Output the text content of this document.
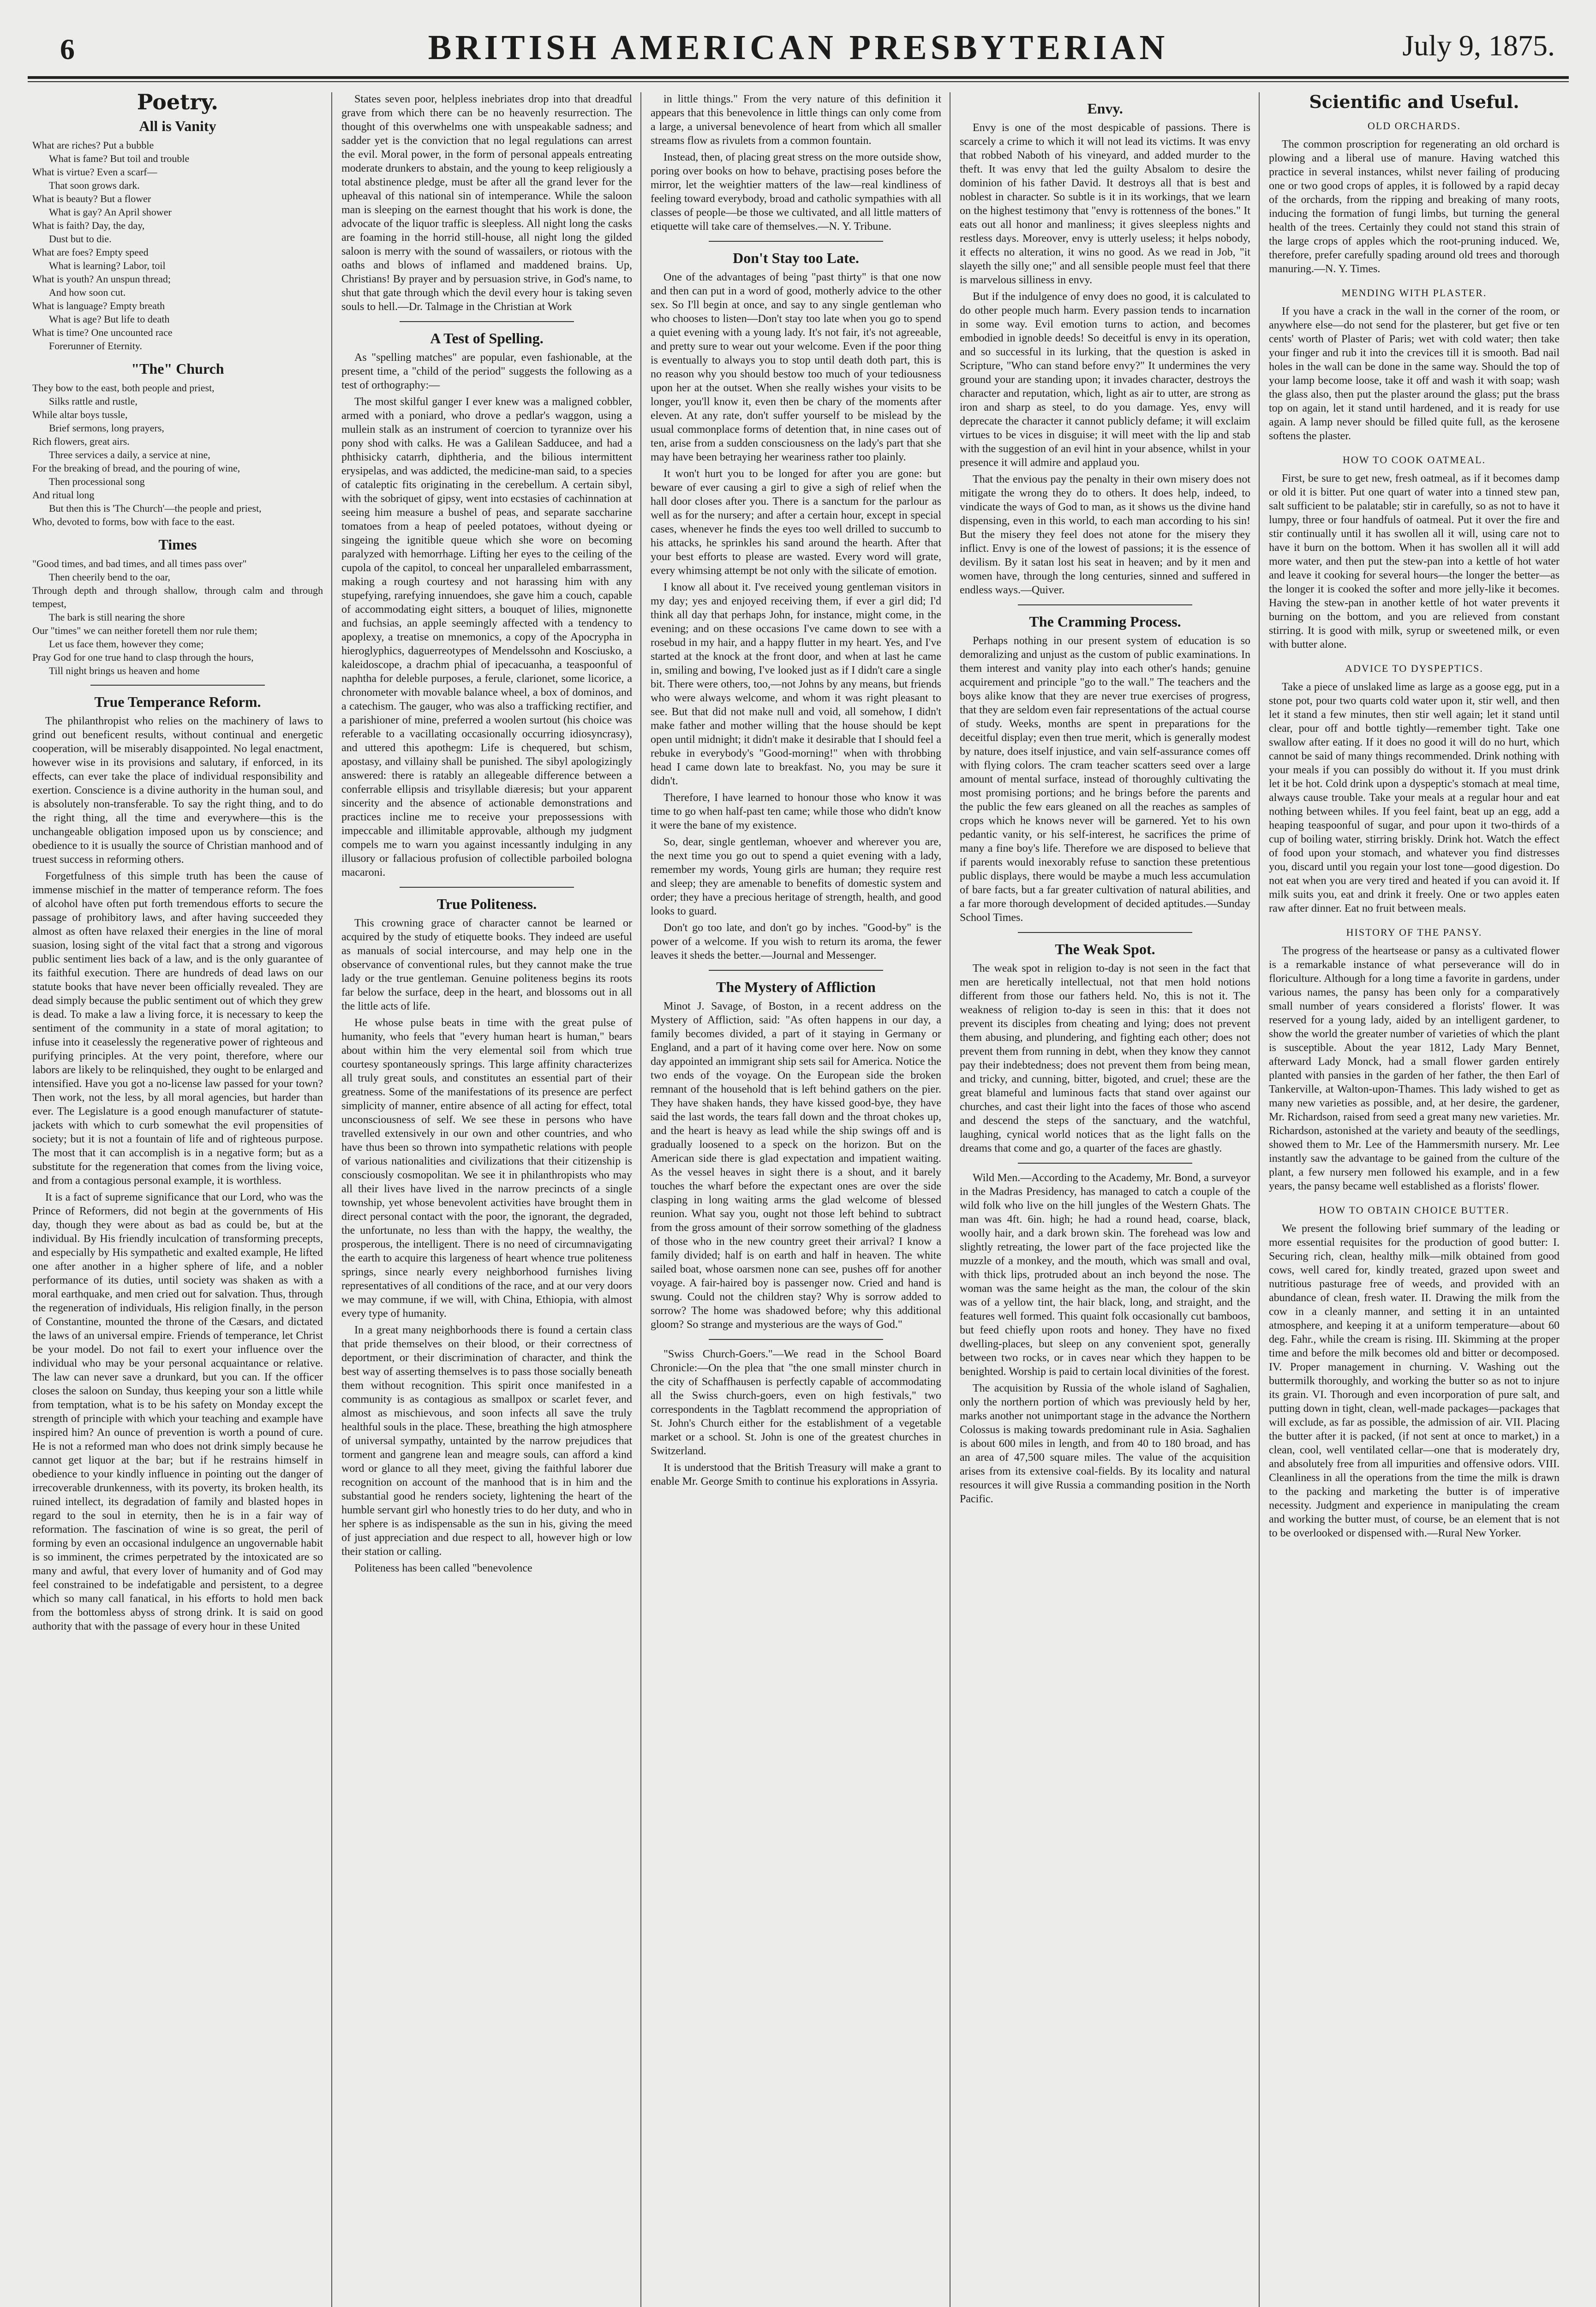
6	BRITISH AMERICAN PRESBYTERIAN	July 9, 1875.
Poetry.
All is Vanity
What are riches? Put a bubble
What is fame? But toil and trouble
What is virtue? Even a scarf—
That soon grows dark.
What is beauty? But a flower
What is gay? An April shower
What is faith? Day, the day,
Dust but to die.
What are foes? Empty speed
What is learning? Labor, toil
What is youth? An unspun thread;
And how soon cut.
What is language? Empty breath
What is age? But life to death
What is time? One uncounted race
Forerunner of Eternity.
"The" Church
They bow to the east, both people and priest,
Silks rattle and rustle,
While altar boys tussle,
Brief sermons, long prayers,
Rich flowers, great airs.
Three services a daily, a service at nine,
For the breaking of bread, and the pouring of wine,
Then processional song
And ritual long
But then this is 'The Church'—the people and priest,
Who, devoted to forms, bow with face to the east.
Times
"Good times, and bad times, and all times pass over"
Then cheerily bend to the oar,
Through depth and through shallow, through calm and through tempest,
The bark is still nearing the shore
Our "times" we can neither foretell them nor rule them;
Let us face them, however they come;
Pray God for one true hand to clasp through the hours,
Till night brings us heaven and home
True Temperance Reform.

The philanthropist who relies on the machinery of laws to grind out beneficent results, without continual and energetic cooperation, will be miserably disappointed. No legal enactment, however wise in its provisions and salutary, if enforced, in its effects, can ever take the place of individual responsibility and exertion. Conscience is a divine authority in the human soul, and is absolutely non-transferable. To say the right thing, and to do the right thing, all the time and everywhere—this is the unchangeable obligation imposed upon us by conscience; and obedience to it is usually the source of Christian manhood and of truest success in reforming others.

Forgetfulness of this simple truth has been the cause of immense mischief in the matter of temperance reform. The foes of alcohol have often put forth tremendous efforts to secure the passage of prohibitory laws, and after having succeeded they almost as often have relaxed their energies in the line of moral suasion, losing sight of the vital fact that a strong and vigorous public sentiment lies back of a law, and is the only guarantee of its faithful execution. There are hundreds of dead laws on our statute books that have never been officially revealed. They are dead simply because the public sentiment out of which they grew is dead. To make a law a living force, it is necessary to keep the sentiment of the community in a state of moral agitation; to infuse into it ceaselessly the regenerative power of righteous and purifying principles. At the very point, therefore, where our labors are likely to be relinquished, they ought to be enlarged and intensified. Have you got a no-license law passed for your town? Then work, not the less, by all moral agencies, but harder than ever. The Legislature is a good enough manufacturer of statute-jackets with which to curb somewhat the evil propensities of society; but it is not a fountain of life and of righteous purpose. The most that it can accomplish is in a negative form; but as a substitute for the regeneration that comes from the living voice, and from a contagious personal example, it is worthless.

It is a fact of supreme significance that our Lord, who was the Prince of Reformers, did not begin at the governments of His day, though they were about as bad as could be, but at the individual. By His friendly inculcation of transforming precepts, and especially by His sympathetic and exalted example, He lifted one after another in a higher sphere of life, and a nobler performance of its duties, until society was shaken as with a moral earthquake, and men cried out for salvation. Thus, through the regeneration of individuals, His religion finally, in the person of Constantine, mounted the throne of the Cæsars, and dictated the laws of an universal empire. Friends of temperance, let Christ be your model. Do not fail to exert your influence over the individual who may be your personal acquaintance or relative. The law can never save a drunkard, but you can. If the officer closes the saloon on Sunday, thus keeping your son a little while from temptation, what is to be his safety on Monday except the strength of principle with which your teaching and example have inspired him? An ounce of prevention is worth a pound of cure. He is not a reformed man who does not drink simply because he cannot get liquor at the bar; but if he restrains himself in obedience to your kindly influence in pointing out the danger of irrecoverable drunkenness, with its poverty, its broken health, its ruined intellect, its degradation of family and blasted hopes in regard to the soul in eternity, then he is in a fair way of reformation. The fascination of wine is so great, the peril of forming by even an occasional indulgence an ungovernable habit is so imminent, the crimes perpetrated by the intoxicated are so many and awful, that every lover of humanity and of God may feel constrained to be indefatigable and persistent, to a degree which so many call fanatical, in his efforts to hold men back from the bottomless abyss of strong drink. It is said on good authority that with the passage of every hour in these United

States seven poor, helpless inebriates drop into that dreadful grave from which there can be no heavenly resurrection. The thought of this overwhelms one with unspeakable sadness; and sadder yet is the conviction that no legal regulations can arrest the evil. Moral power, in the form of personal appeals entreating moderate drunkers to abstain, and the young to keep religiously a total abstinence pledge, must be after all the grand lever for the upheaval of this national sin of intemperance. While the saloon man is sleeping on the earnest thought that his work is done, the advocate of the liquor traffic is sleepless. All night long the casks are foaming in the horrid still-house, all night long the gilded saloon is merry with the sound of wassailers, or riotous with the oaths and blows of inflamed and maddened brains. Up, Christians! By prayer and by persuasion strive, in God's name, to shut that gate through which the devil every hour is taking seven souls to hell.—Dr. Talmage in the Christian at Work

A Test of Spelling.

As "spelling matches" are popular, even fashionable, at the present time, a "child of the period" suggests the following as a test of orthography:—

The most skilful ganger I ever knew was a maligned cobbler, armed with a poniard, who drove a pedlar's waggon, using a mullein stalk as an instrument of coercion to tyrannize over his pony shod with calks. He was a Galilean Sadducee, and had a phthisicky catarrh, diphtheria, and the bilious intermittent erysipelas, and was addicted, the medicine-man said, to a species of cataleptic fits originating in the cerebellum. A certain sibyl, with the sobriquet of gipsy, went into ecstasies of cachinnation at seeing him measure a bushel of peas, and separate saccharine tomatoes from a heap of peeled potatoes, without dyeing or singeing the ignitible queue which she wore on becoming paralyzed with hemorrhage. Lifting her eyes to the ceiling of the cupola of the capitol, to conceal her unparalleled embarrassment, making a rough courtesy and not harassing him with any stupefying, rarefying innuendoes, she gave him a couch, capable of accommodating eight sitters, a bouquet of lilies, mignonette and fuchsias, an apple seemingly affected with a tendency to apoplexy, a treatise on mnemonics, a copy of the Apocrypha in hieroglyphics, daguerreotypes of Mendelssohn and Kosciusko, a kaleidoscope, a drachm phial of ipecacuanha, a teaspoonful of naphtha for deleble purposes, a ferule, clarionet, some licorice, a chronometer with movable balance wheel, a box of dominos, and a catechism. The gauger, who was also a trafficking rectifier, and a parishioner of mine, preferred a woolen surtout (his choice was referable to a vacillating occasionally occurring idiosyncrasy), and uttered this apothegm: Life is chequered, but schism, apostasy, and villainy shall be punished. The sibyl apologizingly answered: there is ratably an allegeable difference between a conferrable ellipsis and trisyllable diæresis; but your apparent sincerity and the absence of actionable demonstrations and practices incline me to receive your prepossessions with impeccable and illimitable approvable, although my judgment compels me to warn you against incessantly indulging in any illusory or fallacious profusion of collectible parboiled bologna macaroni.

True Politeness.

This crowning grace of character cannot be learned or acquired by the study of etiquette books. They indeed are useful as manuals of social intercourse, and may help one in the observance of conventional rules, but they cannot make the true lady or the true gentleman. Genuine politeness begins its roots far below the surface, deep in the heart, and blossoms out in all the little acts of life.

He whose pulse beats in time with the great pulse of humanity, who feels that "every human heart is human," bears about within him the very elemental soil from which true courtesy spontaneously springs. This large affinity characterizes all truly great souls, and constitutes an essential part of their greatness. Some of the manifestations of its presence are perfect simplicity of manner, entire absence of all acting for effect, total unconsciousness of self. We see these in persons who have travelled extensively in our own and other countries, and who have thus been so thrown into sympathetic relations with people of various nationalities and civilizations that their citizenship is consciously cosmopolitan. We see it in philanthropists who may all their lives have lived in the narrow precincts of a single township, yet whose benevolent activities have brought them in direct personal contact with the poor, the ignorant, the degraded, the unfortunate, no less than with the happy, the wealthy, the prosperous, the intelligent. There is no need of circumnavigating the earth to acquire this largeness of heart whence true politeness springs, since nearly every neighborhood furnishes living representatives of all conditions of the race, and at our very doors we may commune, if we will, with China, Ethiopia, with almost every type of humanity.

In a great many neighborhoods there is found a certain class that pride themselves on their blood, or their correctness of deportment, or their discrimination of character, and think the best way of asserting themselves is to pass those socially beneath them without recognition. This spirit once manifested in a community is as contagious as smallpox or scarlet fever, and almost as mischievous, and soon infects all save the truly healthful souls in the place. These, breathing the high atmosphere of universal sympathy, untainted by the narrow prejudices that torment and gangrene lean and meagre souls, can afford a kind word or glance to all they meet, giving the faithful laborer due recognition on account of the manhood that is in him and the substantial good he renders society, lightening the heart of the humble servant girl who honestly tries to do her duty, and who in her sphere is as indispensable as the sun in his, giving the meed of just appreciation and due respect to all, however high or low their station or calling.

Politeness has been called "benevolence

in little things." From the very nature of this definition it appears that this benevolence in little things can only come from a large, a universal benevolence of heart from which all smaller streams flow as rivulets from a common fountain.

Instead, then, of placing great stress on the more outside show, poring over books on how to behave, practising poses before the mirror, let the weightier matters of the law—real kindliness of feeling toward everybody, broad and catholic sympathies with all classes of people—be those we cultivated, and all little matters of etiquette will take care of themselves.—N. Y. Tribune.

Don't Stay too Late.

One of the advantages of being "past thirty" is that one now and then can put in a word of good, motherly advice to the other sex. So I'll begin at once, and say to any single gentleman who who chooses to listen—Don't stay too late when you go to spend a quiet evening with a young lady. It's not fair, it's not agreeable, and pretty sure to wear out your welcome. Even if the poor thing is eventually to always you to stop until death doth part, this is no reason why you should bestow too much of your tediousness upon her at the outset. When she really wishes your visits to be longer, you'll know it, even then be chary of the moments after eleven. At any rate, don't suffer yourself to be mislead by the usual commonplace forms of detention that, in nine cases out of ten, arise from a sudden consciousness on the lady's part that she may have been betraying her weariness rather too plainly.

It won't hurt you to be longed for after you are gone: but beware of ever causing a girl to give a sigh of relief when the hall door closes after you. There is a sanctum for the parlour as well as for the nursery; and after a certain hour, except in special cases, whenever he finds the eyes too well drilled to succumb to his attacks, he sprinkles his sand around the hearth. After that your best efforts to please are wasted. Every word will grate, every whimsing attempt be not only with the silicate of emotion.

I know all about it. I've received young gentleman visitors in my day; yes and enjoyed receiving them, if ever a girl did; I'd think all day that perhaps John, for instance, might come, in the evening; and on these occasions I've came down to see with a rosebud in my hair, and a happy flutter in my heart. Yes, and I've started at the knock at the front door, and when at last he came in, smiling and bowing, I've looked just as if I didn't care a single bit. There were others, too,—not Johns by any means, but friends who were always welcome, and whom it was right pleasant to see. But that did not make null and void, all somehow, I didn't make father and mother willing that the house should be kept open until midnight; it didn't make it desirable that I should feel a rebuke in everybody's "Good-morning!" when with throbbing head I came down late to breakfast. No, you may be sure it didn't.

Therefore, I have learned to honour those who know it was time to go when half-past ten came; while those who didn't know it were the bane of my existence.

So, dear, single gentleman, whoever and wherever you are, the next time you go out to spend a quiet evening with a lady, remember my words, Young girls are human; they require rest and sleep; they are amenable to benefits of domestic system and order; they have a precious heritage of strength, health, and good looks to guard.

Don't go too late, and don't go by inches. "Good-by" is the power of a welcome. If you wish to return its aroma, the fewer leaves it sheds the better.—Journal and Messenger.

The Mystery of Affliction

Minot J. Savage, of Boston, in a recent address on the Mystery of Affliction, said: "As often happens in our day, a family becomes divided, a part of it staying in Germany or England, and a part of it having come over here. Now on some day appointed an immigrant ship sets sail for America. Notice the two ends of the voyage. On the European side the broken remnant of the household that is left behind gathers on the pier. They have shaken hands, they have kissed good-bye, they have said the last words, the tears fall down and the throat chokes up, and the heart is heavy as lead while the ship swings off and is gradually loosened to a speck on the horizon. But on the American side there is glad expectation and impatient waiting. As the vessel heaves in sight there is a shout, and it barely touches the wharf before the expectant ones are over the side clasping in long waiting arms the glad welcome of blessed reunion. What say you, ought not those left behind to subtract from the gross amount of their sorrow something of the gladness of those who in the new country greet their arrival? I know a family divided; half is on earth and half in heaven. The white sailed boat, whose oarsmen none can see, pushes off for another voyage. A fair-haired boy is passenger now. Cried and hand is swung. Could not the children stay? Why is sorrow added to sorrow? The home was shadowed before; why this additional gloom? So strange and mysterious are the ways of God."

"Swiss Church-Goers."—We read in the School Board Chronicle:—On the plea that "the one small minster church in the city of Schaffhausen is perfectly capable of accommodating all the Swiss church-goers, even on high festivals," two correspondents in the Tagblatt recommend the appropriation of St. John's Church either for the establishment of a vegetable market or a school. St. John is one of the greatest churches in Switzerland.

It is understood that the British Treasury will make a grant to enable Mr. George Smith to continue his explorations in Assyria.

Envy.

Envy is one of the most despicable of passions. There is scarcely a crime to which it will not lead its victims. It was envy that robbed Naboth of his vineyard, and added murder to the theft. It was envy that led the guilty Absalom to desire the dominion of his father David. It destroys all that is best and noblest in character. So subtle is it in its workings, that we learn on the highest testimony that "envy is rottenness of the bones." It eats out all honor and manliness; it gives sleepless nights and restless days. Moreover, envy is utterly useless; it helps nobody, it effects no alteration, it wins no good. As we read in Job, "it slayeth the silly one;" and all sensible people must feel that there is marvelous silliness in envy.

But if the indulgence of envy does no good, it is calculated to do other people much harm. Every passion tends to incarnation in some way. Evil emotion turns to action, and becomes embodied in ignoble deeds! So deceitful is envy in its operation, and so successful in its lurking, that the question is asked in Scripture, "Who can stand before envy?" It undermines the very ground your are standing upon; it invades character, destroys the character and reputation, which, light as air to utter, are strong as iron and sharp as steel, to do you damage. Yes, envy will deprecate the character it cannot publicly defame; it will exclaim virtues to be vices in disguise; it will meet with the lip and stab with the suggestion of an evil hint in your absence, whilst in your presence it will admire and applaud you.

That the envious pay the penalty in their own misery does not mitigate the wrong they do to others. It does help, indeed, to vindicate the ways of God to man, as it shows us the divine hand dispensing, even in this world, to each man according to his sin! But the misery they feel does not atone for the misery they inflict. Envy is one of the lowest of passions; it is the essence of devilism. By it satan lost his seat in heaven; and by it men and women have, through the long centuries, sinned and suffered in endless ways.—Quiver.

The Cramming Process.

Perhaps nothing in our present system of education is so demoralizing and unjust as the custom of public examinations. In them interest and vanity play into each other's hands; genuine acquirement and principle "go to the wall." The teachers and the boys alike know that they are never true exercises of progress, that they are seldom even fair representations of the actual course of study. Weeks, months are spent in preparations for the deceitful display; even then true merit, which is generally modest by nature, does itself injustice, and vain self-assurance comes off with flying colors. The cram teacher scatters seed over a large amount of mental surface, instead of thoroughly cultivating the most promising portions; and he brings before the parents and the public the few ears gleaned on all the reaches as samples of crops which he knows never will be garnered. Yet to his own pedantic vanity, or his self-interest, he sacrifices the prime of many a fine boy's life. Therefore we are disposed to believe that if parents would inexorably refuse to sanction these pretentious public displays, there would be maybe a much less accumulation of bare facts, but a far greater cultivation of natural abilities, and a far more thorough development of decided aptitudes.—Sunday School Times.

The Weak Spot.

The weak spot in religion to-day is not seen in the fact that men are heretically intellectual, not that men hold notions different from those our fathers held. No, this is not it. The weakness of religion to-day is seen in this: that it does not prevent its disciples from cheating and lying; does not prevent them abusing, and plundering, and fighting each other; does not prevent them from running in debt, when they know they cannot pay their indebtedness; does not prevent them from being mean, and tricky, and cunning, bitter, bigoted, and cruel; these are the great blameful and luminous facts that stand over against our churches, and cast their light into the faces of those who ascend and descend the steps of the sanctuary, and the watchful, laughing, cynical world notices that as the light falls on the dreams that come and go, a quarter of the faces are ghastly.

Wild Men.—According to the Academy, Mr. Bond, a surveyor in the Madras Presidency, has managed to catch a couple of the wild folk who live on the hill jungles of the Western Ghats. The man was 4ft. 6in. high; he had a round head, coarse, black, woolly hair, and a dark brown skin. The forehead was low and slightly retreating, the lower part of the face projected like the muzzle of a monkey, and the mouth, which was small and oval, with thick lips, protruded about an inch beyond the nose. The woman was the same height as the man, the colour of the skin was of a yellow tint, the hair black, long, and straight, and the features well formed. This quaint folk occasionally cut bamboos, but feed chiefly upon roots and honey. They have no fixed dwelling-places, but sleep on any convenient spot, generally between two rocks, or in caves near which they happen to be benighted. Worship is paid to certain local divinities of the forest.

The acquisition by Russia of the whole island of Saghalien, only the northern portion of which was previously held by her, marks another not unimportant stage in the advance the Northern Colossus is making towards predominant rule in Asia. Saghalien is about 600 miles in length, and from 40 to 180 broad, and has an area of 47,500 square miles. The value of the acquisition arises from its extensive coal-fields. By its locality and natural resources it will give Russia a commanding position in the North Pacific.

Scientific and Useful.
OLD ORCHARDS.

The common proscription for regenerating an old orchard is plowing and a liberal use of manure. Having watched this practice in several instances, whilst never failing of producing one or two good crops of apples, it is followed by a rapid decay of the orchards, from the ripping and breaking of many roots, inducing the formation of fungi limbs, but turning the general health of the trees. Certainly they could not stand this strain of the large crops of apples which the root-pruning induced. We, therefore, prefer carefully spading around old trees and thorough manuring.—N. Y. Times.

MENDING WITH PLASTER.

If you have a crack in the wall in the corner of the room, or anywhere else—do not send for the plasterer, but get five or ten cents' worth of Plaster of Paris; wet with cold water; then take your finger and rub it into the crevices till it is smooth. Bad nail holes in the wall can be done in the same way. Should the top of your lamp become loose, take it off and wash it with soap; wash the glass also, then put the plaster around the glass; put the brass top on again, let it stand until hardened, and it is ready for use again. A lamp never should be filled quite full, as the kerosene softens the plaster.

HOW TO COOK OATMEAL.

First, be sure to get new, fresh oatmeal, as if it becomes damp or old it is bitter. Put one quart of water into a tinned stew pan, salt sufficient to be palatable; stir in carefully, so as not to have it lumpy, three or four handfuls of oatmeal. Put it over the fire and stir continually until it has swollen all it will, using care not to have it burn on the bottom. When it has swollen all it will add more water, and then put the stew-pan into a kettle of hot water and leave it cooking for several hours—the longer the better—as the longer it is cooked the softer and more jelly-like it becomes. Having the stew-pan in another kettle of hot water prevents it burning on the bottom, and you are relieved from constant stirring. It is good with milk, syrup or sweetened milk, or even with butter alone.

ADVICE TO DYSPEPTICS.

Take a piece of unslaked lime as large as a goose egg, put in a stone pot, pour two quarts cold water upon it, stir well, and then let it stand a few minutes, then stir well again; let it stand until clear, pour off and bottle tightly—remember tight. Take one swallow after eating. If it does no good it will do no hurt, which cannot be said of many things recommended. Drink nothing with your meals if you can possibly do without it. If you must drink let it be hot. Cold drink upon a dyspeptic's stomach at meal time, always cause trouble. Take your meals at a regular hour and eat nothing between whiles. If you feel faint, beat up an egg, add a heaping teaspoonful of sugar, and pour upon it two-thirds of a cup of boiling water, stirring briskly. Drink hot. Watch the effect of food upon your stomach, and whatever you find distresses you, discard until you regain your lost tone—good digestion. Do not eat when you are very tired and heated if you can avoid it. If milk suits you, eat and drink it freely. One or two apples eaten raw after dinner. Eat no fruit between meals.

HISTORY OF THE PANSY.

The progress of the heartsease or pansy as a cultivated flower is a remarkable instance of what perseverance will do in floriculture. Although for a long time a favorite in gardens, under various names, the pansy has been only for a comparatively small number of years considered a florists' flower. It was reserved for a young lady, aided by an intelligent gardener, to show the world the greater number of varieties of which the plant is susceptible. About the year 1812, Lady Mary Bennet, afterward Lady Monck, had a small flower garden entirely planted with pansies in the garden of her father, the then Earl of Tankerville, at Walton-upon-Thames. This lady wished to get as many new varieties as possible, and, at her desire, the gardener, Mr. Richardson, raised from seed a great many new varieties. Mr. Richardson, astonished at the variety and beauty of the seedlings, showed them to Mr. Lee of the Hammersmith nursery. Mr. Lee instantly saw the advantage to be gained from the culture of the plant, a few nursery men followed his example, and in a few years, the pansy became well established as a florists' flower.

HOW TO OBTAIN CHOICE BUTTER.

We present the following brief summary of the leading or more essential requisites for the production of good butter: I. Securing rich, clean, healthy milk—milk obtained from good cows, well cared for, kindly treated, grazed upon sweet and nutritious pasturage free of weeds, and provided with an abundance of clean, fresh water. II. Drawing the milk from the cow in a cleanly manner, and setting it in an untainted atmosphere, and keeping it at a uniform temperature—about 60 deg. Fahr., while the cream is rising. III. Skimming at the proper time and before the milk becomes old and bitter or decomposed. IV. Proper management in churning. V. Washing out the buttermilk thoroughly, and working the butter so as not to injure its grain. VI. Thorough and even incorporation of pure salt, and putting down in tight, clean, well-made packages—packages that will exclude, as far as possible, the admission of air. VII. Placing the butter after it is packed, (if not sent at once to market,) in a clean, cool, well ventilated cellar—one that is moderately dry, and absolutely free from all impurities and offensive odors. VIII. Cleanliness in all the operations from the time the milk is drawn to the packing and marketing the butter is of imperative necessity. Judgment and experience in manipulating the cream and working the butter must, of course, be an element that is not to be overlooked or dispensed with.—Rural New Yorker.
